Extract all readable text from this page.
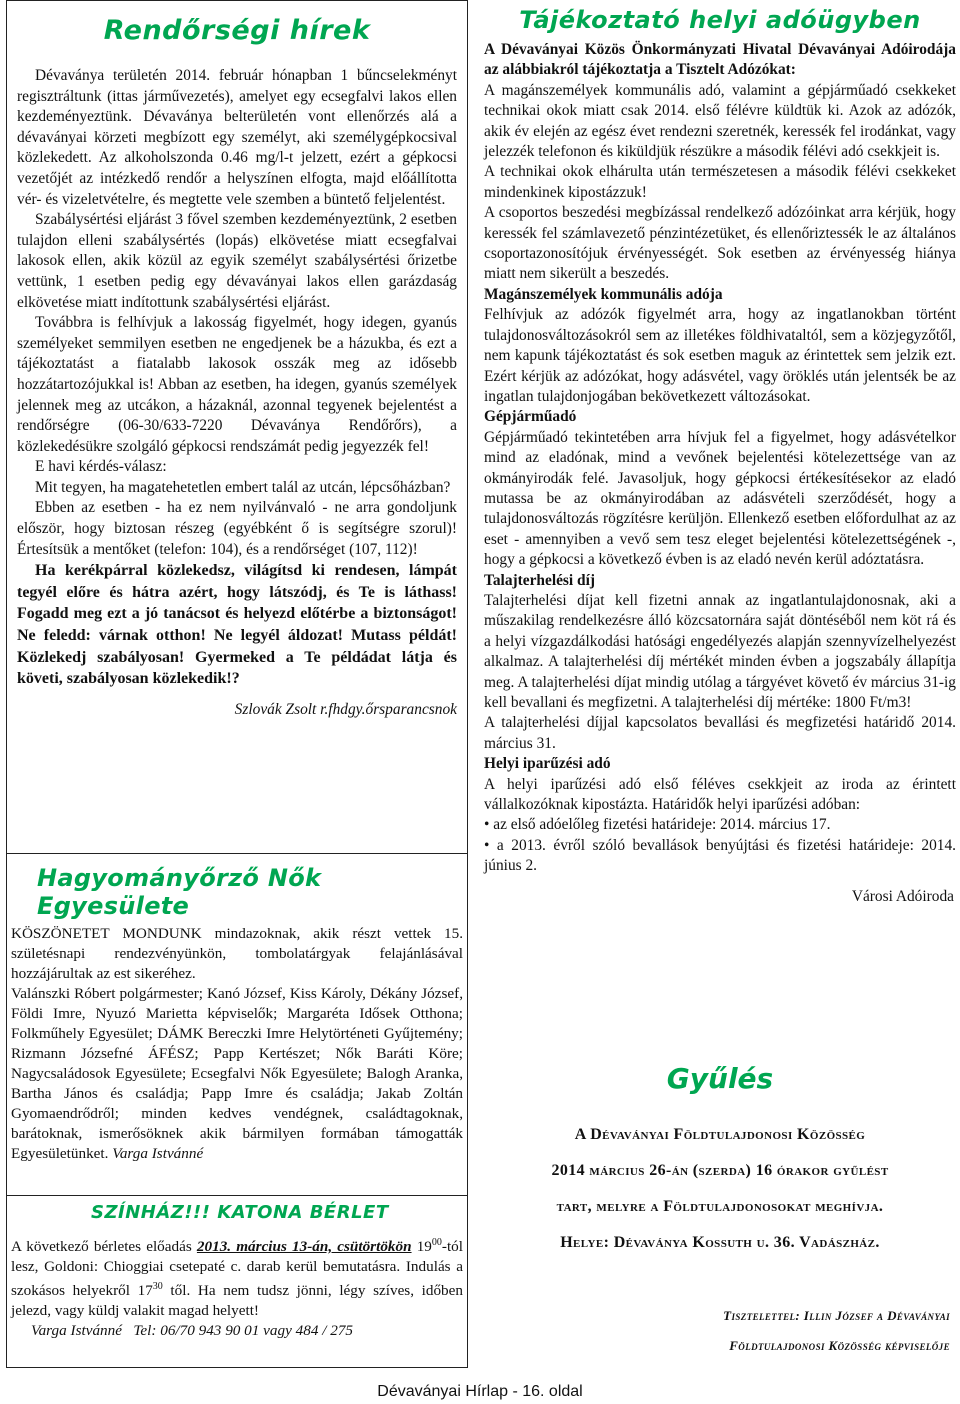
Rendőrségi hírek

Dévaványa területén 2014. február hónapban 1 bűncselekményt regisztráltunk (ittas járművezetés), amelyet egy ecsegfalvi lakos ellen kezdeményeztünk. Dévaványa belterületén vont ellenőrzés alá a dévaványai körzeti megbízott egy személyt, aki személygépkocsival közlekedett. Az alkoholszonda 0.46 mg/l-t jelzett, ezért a gépkocsi vezetőjét az intézkedő rendőr a helyszínen elfogta, majd előállította vér- és vizeletvételre, és megtette vele szemben a büntető feljelentést.

Szabálysértési eljárást 3 fővel szemben kezdeményeztünk, 2 esetben tulajdon elleni szabálysértés (lopás) elkövetése miatt ecsegfalvai lakosok ellen, akik közül az egyik személyt szabálysértési őrizetbe vettünk, 1 esetben pedig egy dévaványai lakos ellen garázdaság elkövetése miatt indítottunk szabálysértési eljárást.

Továbbra is felhívjuk a lakosság figyelmét, hogy idegen, gyanús személyeket semmilyen esetben ne engedjenek be a házukba, és ezt a tájékoztatást a fiatalabb lakosok osszák meg az idősebb hozzátartozójukkal is! Abban az esetben, ha idegen, gyanús személyek jelennek meg az utcákon, a házaknál, azonnal tegyenek bejelentést a rendőrségre (06-30/633-7220 Dévaványa Rendőrőrs), a közlekedésükre szolgáló gépkocsi rendszámát pedig jegyezzék fel!

E havi kérdés-válasz:

Mit tegyen, ha magatehetetlen embert talál az utcán, lépcsőházban?

Ebben az esetben - ha ez nem nyilvánvaló - ne arra gondoljunk először, hogy biztosan részeg (egyébként ő is segítségre szorul)! Értesítsük a mentőket (telefon: 104), és a rendőrséget (107, 112)!

Ha kerékpárral közlekedsz, világítsd ki rendesen, lámpát tegyél előre és hátra azért, hogy látszódj, és Te is láthass! Fogadd meg ezt a jó tanácsot és helyezd előtérbe a biztonságot! Ne feledd: várnak otthon! Ne legyél áldozat! Mutass példát! Közlekedj szabályosan! Gyermeked a Te példádat látja és követi, szabályosan közlekedik!?

Szlovák Zsolt r.fhdgy.őrsparancsnok

Hagyományőrző Nők Egyesülete

KÖSZÖNETET MONDUNK mindazoknak, akik részt vettek 15. születésnapi rendezvényünkön, tombolatárgyak felajánlásával hozzájárultak az est sikeréhez.

Valánszki Róbert polgármester; Kanó József, Kiss Károly, Dékány József, Földi Imre, Nyuzó Marietta képviselők; Margaréta Idősek Otthona; Folkműhely Egyesület; DÁMK Bereczki Imre Helytörténeti Gyűjtemény; Rizmann Józsefné ÁFÉSZ; Papp Kertészet; Nők Baráti Köre; Nagycsaládosok Egyesülete; Ecsegfalvi Nők Egyesülete; Balogh Aranka, Bartha János és családja; Papp Imre és családja; Jakab Zoltán Gyomaendrődről; minden kedves vendégnek, családtagoknak, barátoknak, ismerősöknek akik bármilyen formában támogatták Egyesületünket. Varga Istvánné

SZÍNHÁZ!!! KATONA BÉRLET

A következő bérletes előadás 2013. március 13-án, csütörtökön $19^{00}$-tól lesz, Goldoni: Chioggiai csetepaté c. darab kerül bemutatásra. Indulás a szokásos helyekről $17^{30}$ től. Ha nem tudsz jönni, légy szíves, időben jelezd, vagy küldj valakit magad helyett!

Varga Istvánné   Tel: 06/70 943 90 01 vagy 484 / 275

Tájékoztató helyi adóügyben

A Dévaványai Közös Önkormányzati Hivatal Dévaványai Adóirodája az alábbiakról tájékoztatja a Tisztelt Adózókat:

A magánszemélyek kommunális adó, valamint a gépjárműadó csekkeket technikai okok miatt csak 2014. első félévre küldtük ki. Azok az adózók, akik év elején az egész évet rendezni szeretnék, keressék fel irodánkat, vagy jelezzék telefonon és kiküldjük részükre a második félévi adó csekkjeit is.

A technikai okok elhárulta után természetesen a második félévi csekkeket mindenkinek kipostázzuk!

A csoportos beszedési megbízással rendelkező adózóinkat arra kérjük, hogy keressék fel számlavezető pénzintézetüket, és ellenőriztessék le az általános csoportazonosítójuk érvényességét. Sok esetben az érvényesség hiánya miatt nem sikerült a beszedés.

Magánszemélyek kommunális adója

Felhívjuk az adózók figyelmét arra, hogy az ingatlanokban történt tulajdonosváltozásokról sem az illetékes földhivataltól, sem a közjegyzőtől, nem kapunk tájékoztatást és sok esetben maguk az érintettek sem jelzik ezt. Ezért kérjük az adózókat, hogy adásvétel, vagy öröklés után jelentsék be az ingatlan tulajdonjogában bekövetkezett változásokat.

Gépjárműadó

Gépjárműadó tekintetében arra hívjuk fel a figyelmet, hogy adásvételkor mind az eladónak, mind a vevőnek bejelentési kötelezettsége van az okmányirodák felé. Javasoljuk, hogy gépkocsi értékesítésekor az eladó mutassa be az okmányirodában az adásvételi szerződését, hogy a tulajdonosváltozás rögzítésre kerüljön. Ellenkező esetben előfordulhat az az eset - amennyiben a vevő sem tesz eleget bejelentési kötelezettségének -, hogy a gépkocsi a következő évben is az eladó nevén kerül adóztatásra.

Talajterhelési díj

Talajterhelési díjat kell fizetni annak az ingatlantulajdonosnak, aki a műszakilag rendelkezésre álló közcsatornára saját döntéséből nem köt rá és a helyi vízgazdálkodási hatósági engedélyezés alapján szennyvízelhelyezést alkalmaz. A talajterhelési díj mértékét minden évben a jogszabály állapítja meg. A talajterhelési díjat mindig utólag a tárgyévet követő év március 31-ig kell bevallani és megfizetni. A talajterhelési díj mértéke: 1800 Ft/m3!

A talajterhelési díjjal kapcsolatos bevallási és megfizetési határidő 2014. március 31.

Helyi iparűzési adó

A helyi iparűzési adó első féléves csekkjeit az iroda az érintett vállalkozóknak kipostázta. Határidők helyi iparűzési adóban:

• az első adóelőleg fizetési határideje: 2014. március 17.

• a 2013. évről szóló bevallások benyújtási és fizetési határideje: 2014. június 2.

Városi Adóiroda

Gyűlés

A Dévaványai Földtulajdonosi Közösség

2014 március 26-án (szerda) 16 órakor gyűlést

tart, melyre a Földtulajdonosokat meghívja.

Helye: Dévaványa Kossuth u. 36. Vadászház.

Tisztelettel: Illin József a Dévaványai

Földtulajdonosi Közösség képviselője

Dévaványai Hírlap - 16. oldal
